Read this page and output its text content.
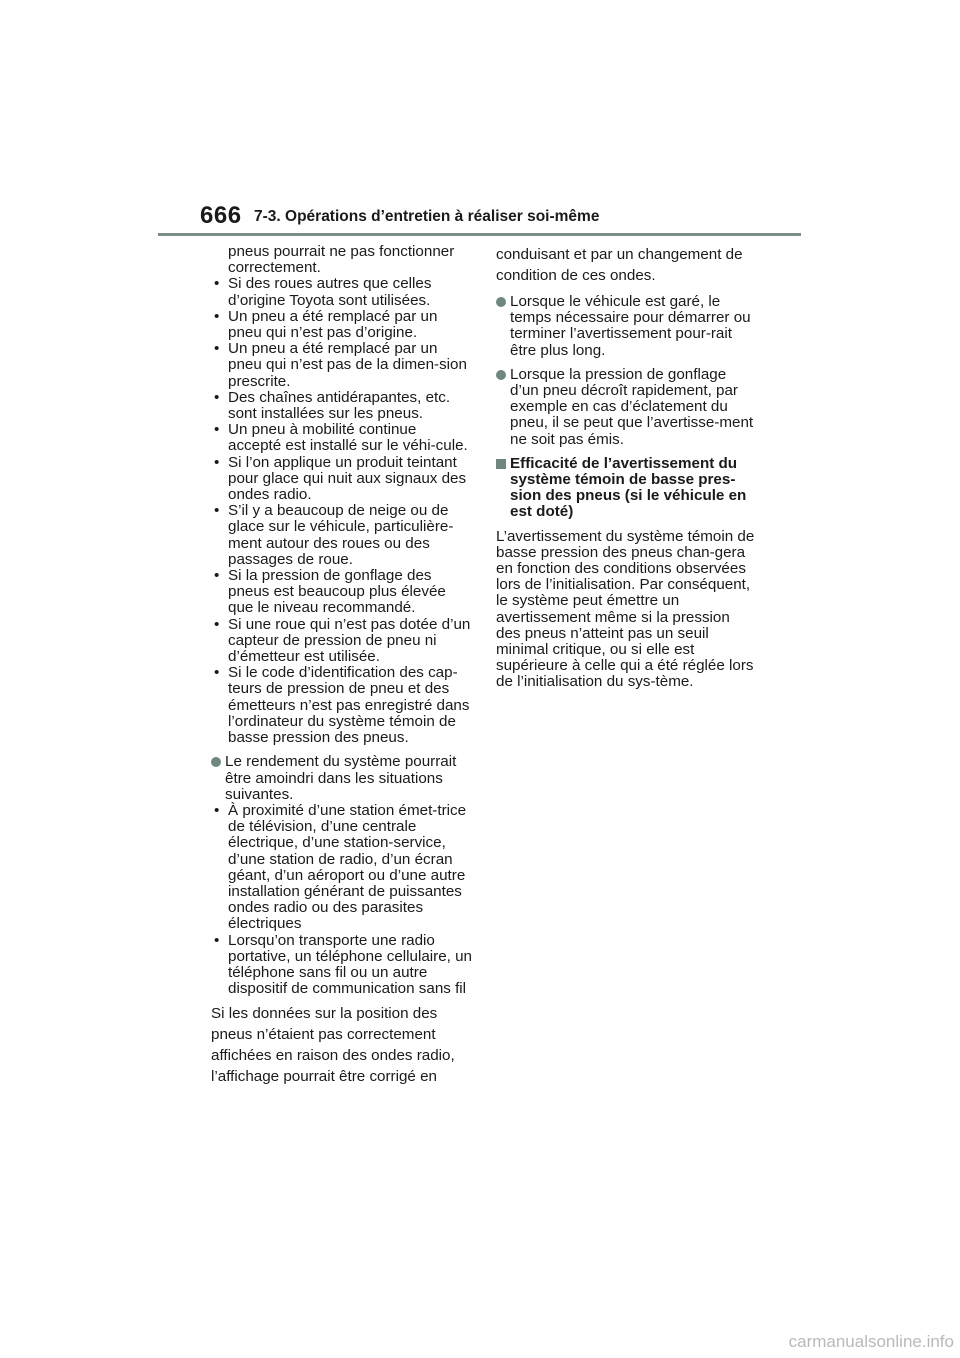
666 7-3. Opérations d’entretien à réaliser soi-même

pneus pourrait ne pas fonctionner correctement.

• Si des roues autres que celles d’origine Toyota sont utilisées.
• Un pneu a été remplacé par un pneu qui n’est pas d’origine.
• Un pneu a été remplacé par un pneu qui n’est pas de la dimen-sion prescrite.
• Des chaînes antidérapantes, etc. sont installées sur les pneus.
• Un pneu à mobilité continue accepté est installé sur le véhi-cule.
• Si l’on applique un produit teintant pour glace qui nuit aux signaux des ondes radio.
• S’il y a beaucoup de neige ou de glace sur le véhicule, particulière-ment autour des roues ou des passages de roue.
• Si la pression de gonflage des pneus est beaucoup plus élevée que le niveau recommandé.
• Si une roue qui n’est pas dotée d’un capteur de pression de pneu ni d’émetteur est utilisée.
• Si le code d’identification des cap-teurs de pression de pneu et des émetteurs n’est pas enregistré dans l’ordinateur du système témoin de basse pression des pneus.
Le rendement du système pourrait être amoindri dans les situations suivantes.
• À proximité d’une station émet-trice de télévision, d’une centrale électrique, d’une station-service, d’une station de radio, d’un écran géant, d’un aéroport ou d’une autre installation générant de puissantes ondes radio ou des parasites électriques
• Lorsqu’on transporte une radio portative, un téléphone cellulaire, un téléphone sans fil ou un autre dispositif de communication sans fil

Si les données sur la position des pneus n’étaient pas correctement affichées en raison des ondes radio, l’affichage pourrait être corrigé en

conduisant et par un changement de condition de ces ondes.

Lorsque le véhicule est garé, le temps nécessaire pour démarrer ou terminer l’avertissement pour-rait être plus long.
Lorsque la pression de gonflage d’un pneu décroît rapidement, par exemple en cas d’éclatement du pneu, il se peut que l’avertisse-ment ne soit pas émis.
Efficacité de l’avertissement du système témoin de basse pres-sion des pneus (si le véhicule en est doté)

L’avertissement du système témoin de basse pression des pneus chan-gera en fonction des conditions observées lors de l’initialisation. Par conséquent, le système peut émettre un avertissement même si la pression des pneus n’atteint pas un seuil minimal critique, ou si elle est supérieure à celle qui a été réglée lors de l’initialisation du sys-tème.

carmanualsonline.info
